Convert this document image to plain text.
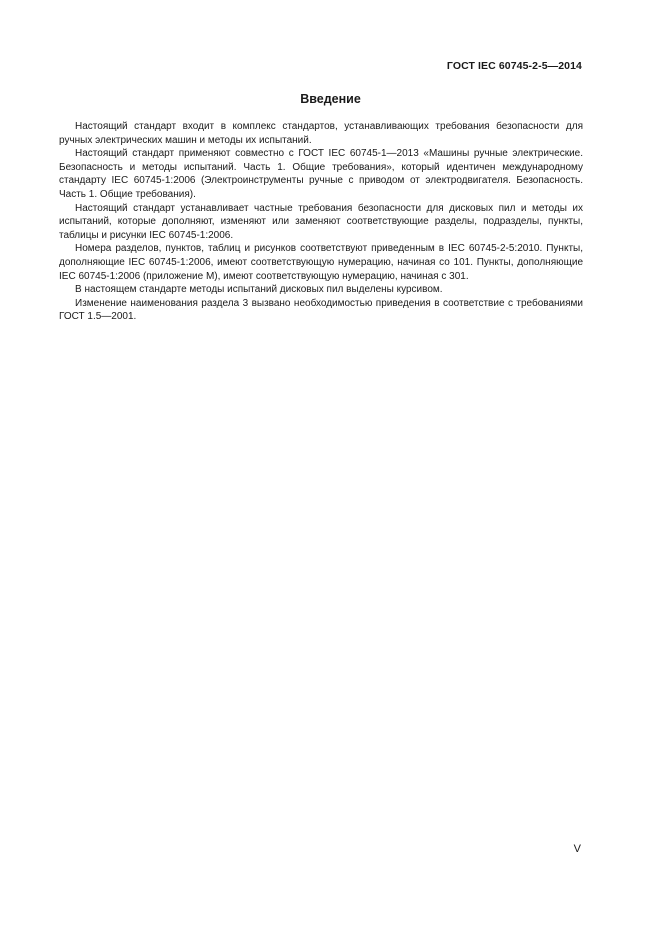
ГОСТ IEC 60745-2-5—2014
Введение

Настоящий стандарт входит в комплекс стандартов, устанавливающих требования безопасности для ручных электрических машин и методы их испытаний.

Настоящий стандарт применяют совместно с ГОСТ IEC 60745-1—2013 «Машины ручные электрические. Безопасность и методы испытаний. Часть 1. Общие требования», который идентичен международному стандарту IEC 60745-1:2006 (Электроинструменты ручные с приводом от электродвигателя. Безопасность. Часть 1. Общие требования).

Настоящий стандарт устанавливает частные требования безопасности для дисковых пил и методы их испытаний, которые дополняют, изменяют или заменяют соответствующие разделы, подразделы, пункты, таблицы и рисунки IEC 60745-1:2006.

Номера разделов, пунктов, таблиц и рисунков соответствуют приведенным в IEC 60745-2-5:2010. Пункты, дополняющие IEC 60745-1:2006, имеют соответствующую нумерацию, начиная со 101. Пункты, дополняющие IEC 60745-1:2006 (приложение М), имеют соответствующую нумерацию, начиная с 301.

В настоящем стандарте методы испытаний дисковых пил выделены курсивом.

Изменение наименования раздела 3 вызвано необходимостью приведения в соответствие с требованиями ГОСТ 1.5—2001.

V
